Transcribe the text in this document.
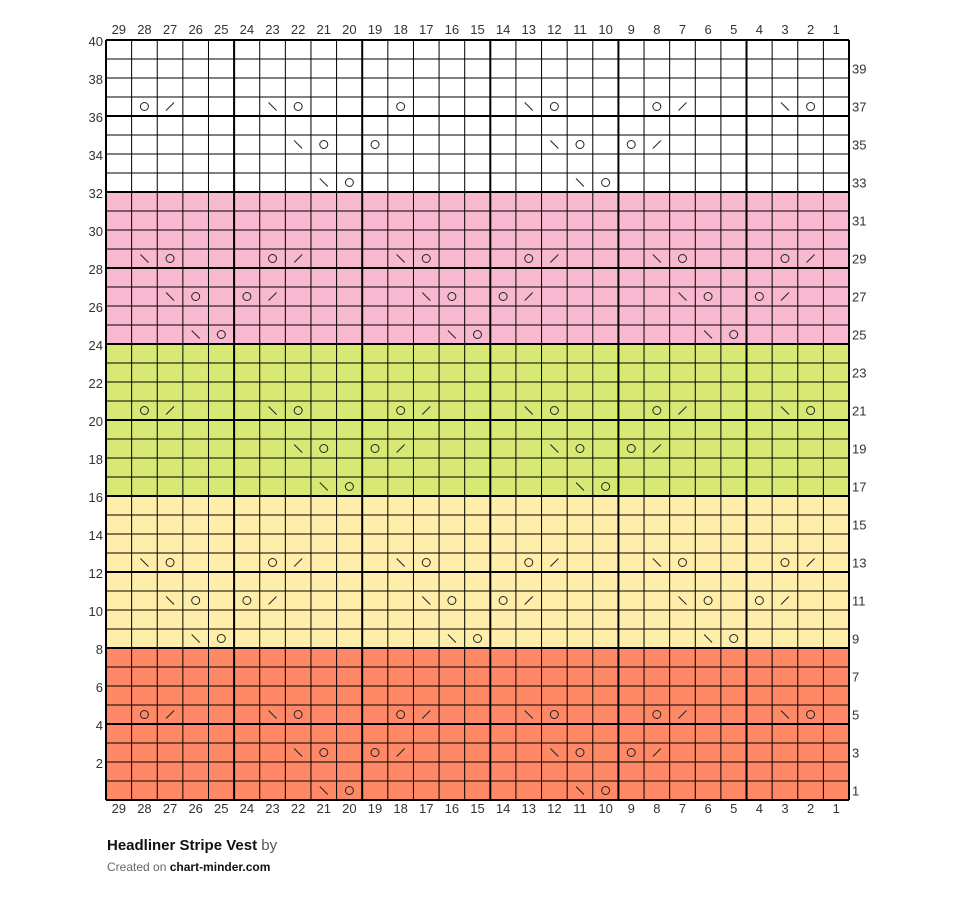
1
1
2
2
3
3
4
4
5
5
6
6
7
7
8
8
9
9
10
10
11
11
12
12
13
13
14
14
15
15
16
16
17
17
18
18
19
19
20
20
21
21
22
22
23
23
24
24
25
25
26
26
27
27
28
28
29
29
1
2
3
4
5
6
7
8
9
10
11
12
13
14
15
16
17
18
19
20
21
22
23
24
25
26
27
28
29
30
31
32
33
34
35
36
37
38
39
40
Headliner Stripe Vest by
Created on chart-minder.com
